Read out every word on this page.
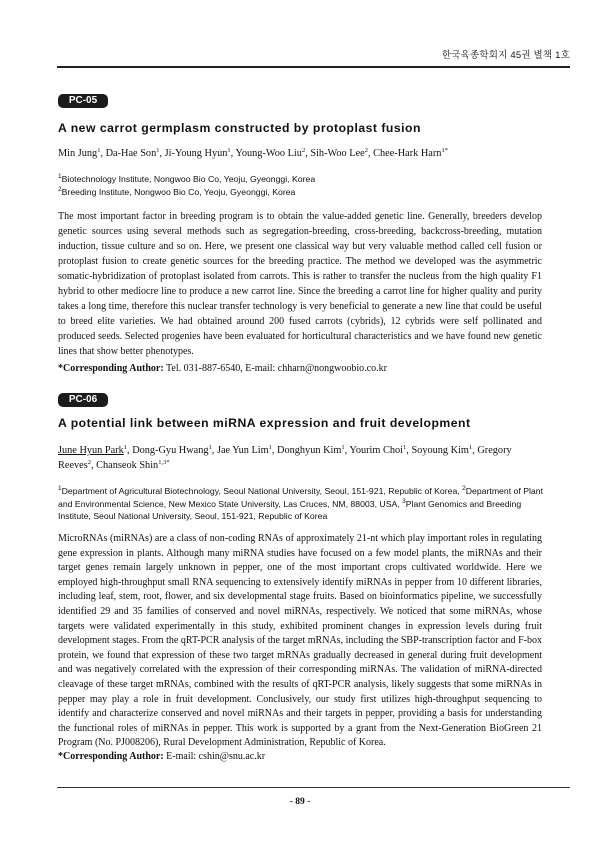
한국육종학회지 45권 별책 1호
PC-05
A new carrot germplasm constructed by protoplast fusion
Min Jung$^1$, Da-Hae Son$^1$, Ji-Young Hyun$^1$, Young-Woo Liu$^2$, Sih-Woo Lee$^2$, Chee-Hark Harn$^{1*}$
$^1$Biotechnology Institute, Nongwoo Bio Co, Yeoju, Gyeonggi, Korea
$^2$Breeding Institute, Nongwoo Bio Co, Yeoju, Gyeonggi, Korea
The most important factor in breeding program is to obtain the value-added genetic line. Generally, breeders develop genetic sources using several methods such as segregation-breeding, cross-breeding, backcross-breeding, mutation induction, tissue culture and so on. Here, we present one classical way but very valuable method called cell fusion or protoplast fusion to create genetic sources for the breeding practice. The method we developed was the asymmetric somatic-hybridization of protoplast isolated from carrots. This is rather to transfer the nucleus from the high quality F1 hybrid to other mediocre line to produce a new carrot line. Since the breeding a carrot line for higher quality and purity takes a long time, therefore this nuclear transfer technology is very beneficial to generate a new line that could be useful to breed elite varieties. We had obtained around 200 fused carrots (cybrids), 12 cybrids were self pollinated and produced seeds. Selected progenies have been evaluated for horticultural characteristics and we have found new genetic lines that show better phenotypes.
*Corresponding Author: Tel. 031-887-6540, E-mail: chharn@nongwoobio.co.kr
PC-06
A potential link between miRNA expression and fruit development
June Hyun Park$^1$, Dong-Gyu Hwang$^1$, Jae Yun Lim$^1$, Donghyun Kim$^1$, Yourim Choi$^1$, Soyoung Kim$^1$, Gregory Reeves$^2$, Chanseok Shin$^{1,3*}$
$^1$Department of Agricultural Biotechnology, Seoul National University, Seoul, 151-921, Republic of Korea, $^2$Department of Plant and Environmental Science, New Mexico State University, Las Cruces, NM, 88003, USA, $^3$Plant Genomics and Breeding Institute, Seoul National University, Seoul, 151-921, Republic of Korea
MicroRNAs (miRNAs) are a class of non-coding RNAs of approximately 21-nt which play important roles in regulating gene expression in plants. Although many miRNA studies have focused on a few model plants, the miRNAs and their target genes remain largely unknown in pepper, one of the most important crops cultivated worldwide. Here we employed high-throughput small RNA sequencing to extensively identify miRNAs in pepper from 10 different libraries, including leaf, stem, root, flower, and six developmental stage fruits. Based on bioinformatics pipeline, we successfully identified 29 and 35 families of conserved and novel miRNAs, respectively. We noticed that some miRNAs, whose targets were validated experimentally in this study, exhibited prominent changes in expression levels during fruit development stages. From the qRT-PCR analysis of the target mRNAs, including the SBP-transcription factor and F-box protein, we found that expression of these two target mRNAs gradually decreased in general during fruit development and was negatively correlated with the expression of their corresponding miRNAs. The validation of miRNA-directed cleavage of these target mRNAs, combined with the results of qRT-PCR analysis, likely suggests that some miRNAs in pepper may play a role in fruit development. Conclusively, our study first utilizes high-throughput sequencing to identify and characterize conserved and novel miRNAs and their targets in pepper, providing a basis for understanding the functional roles of miRNAs in pepper. This work is supported by a grant from the Next-Generation BioGreen 21 Program (No. PJ008206), Rural Development Administration, Republic of Korea.
*Corresponding Author: E-mail: cshin@snu.ac.kr
- 89 -
